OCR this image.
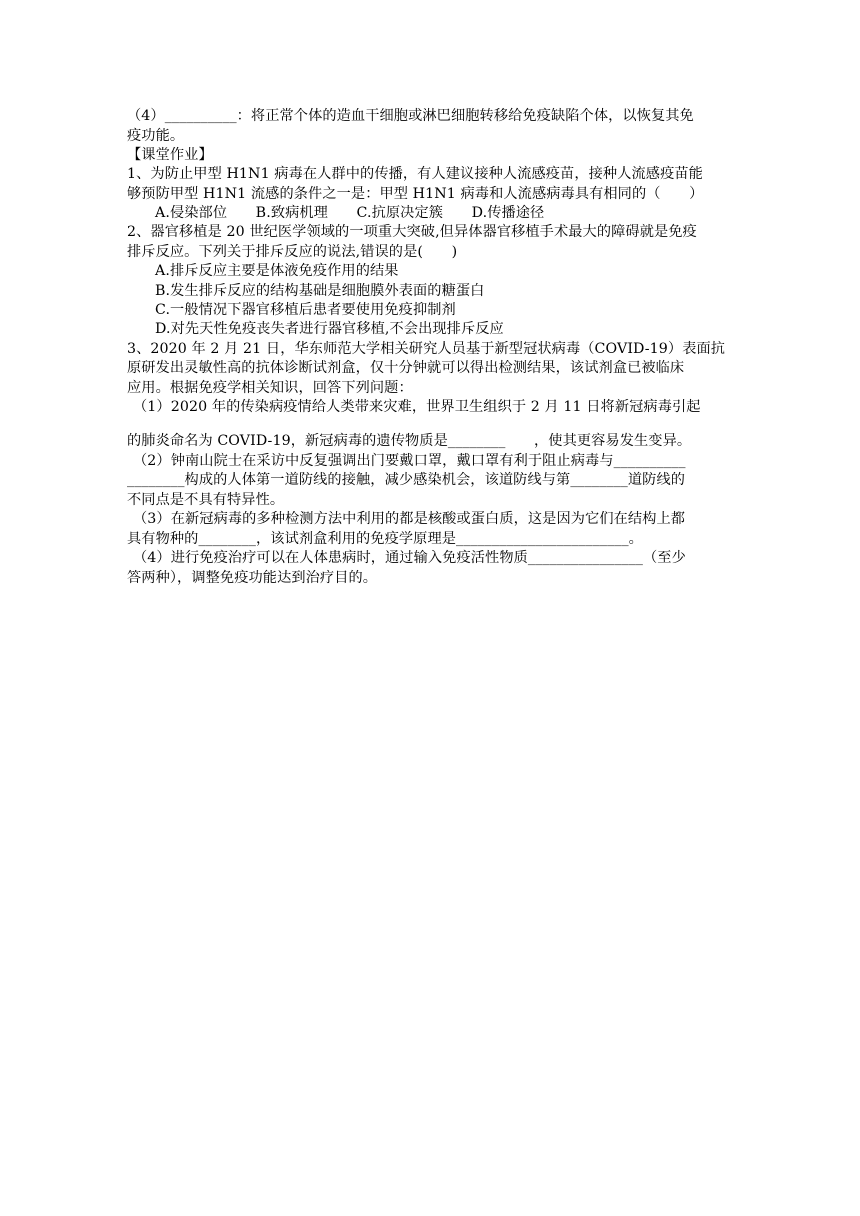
（4）__________：将正常个体的造血干细胞或淋巴细胞转移给免疫缺陷个体，以恢复其免
疫功能。
【课堂作业】
1、为防止甲型 H1N1 病毒在人群中的传播，有人建议接种人流感疫苗，接种人流感疫苗能
够预防甲型 H1N1 流感的条件之一是：甲型 H1N1 病毒和人流感病毒具有相同的（　　）
A.侵染部位　　B.致病机理　　C.抗原决定簇　　D.传播途径
2、器官移植是 20 世纪医学领域的一项重大突破,但异体器官移植手术最大的障碍就是免疫
排斥反应。下列关于排斥反应的说法,错误的是(　　)
A.排斥反应主要是体液免疫作用的结果
B.发生排斥反应的结构基础是细胞膜外表面的糖蛋白
C.一般情况下器官移植后患者要使用免疫抑制剂
D.对先天性免疫丧失者进行器官移植,不会出现排斥反应
3、2020 年 2 月 21 日，华东师范大学相关研究人员基于新型冠状病毒（COVID-19）表面抗
原研发出灵敏性高的抗体诊断试剂盒，仅十分钟就可以得出检测结果，该试剂盒已被临床
应用。根据免疫学相关知识，回答下列问题：
（1）2020 年的传染病疫情给人类带来灾难，世界卫生组织于 2 月 11 日将新冠病毒引起
的肺炎命名为 COVID-19，新冠病毒的遗传物质是________　　，使其更容易发生变异。
（2）钟南山院士在采访中反复强调出门要戴口罩，戴口罩有利于阻止病毒与__________
________构成的人体第一道防线的接触，减少感染机会，该道防线与第________道防线的
不同点是不具有特异性。
（3）在新冠病毒的多种检测方法中利用的都是核酸或蛋白质，这是因为它们在结构上都
具有物种的________，该试剂盒利用的免疫学原理是________________________。
（4）进行免疫治疗可以在人体患病时，通过输入免疫活性物质________________（至少
答两种），调整免疫功能达到治疗目的。
